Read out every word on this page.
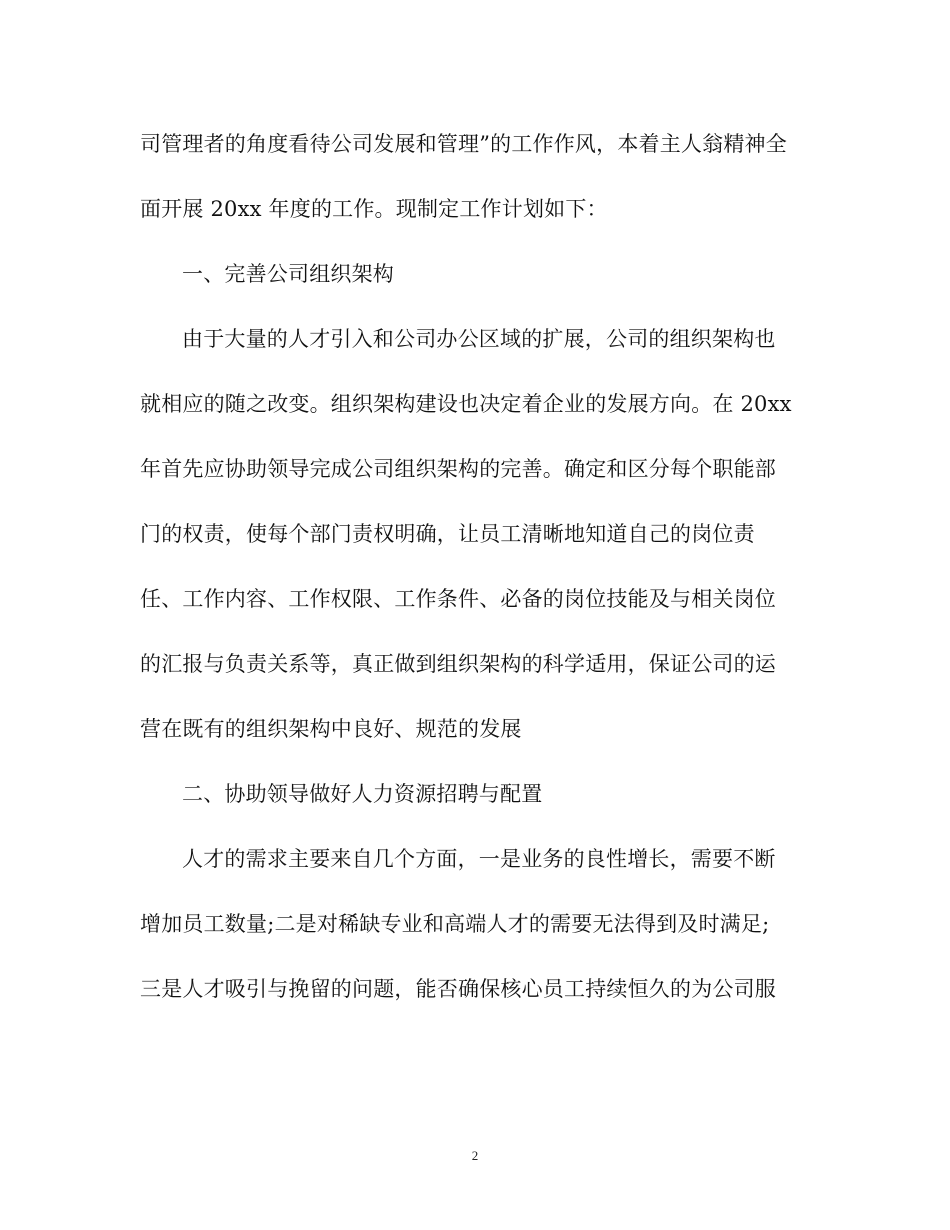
司管理者的角度看待公司发展和管理”的工作作风，本着主人翁精神全
面开展 20xx 年度的工作。现制定工作计划如下：
一、完善公司组织架构
由于大量的人才引入和公司办公区域的扩展，公司的组织架构也
就相应的随之改变。组织架构建设也决定着企业的发展方向。在 20xx
年首先应协助领导完成公司组织架构的完善。确定和区分每个职能部
门的权责，使每个部门责权明确，让员工清晰地知道自己的岗位责
任、工作内容、工作权限、工作条件、必备的岗位技能及与相关岗位
的汇报与负责关系等，真正做到组织架构的科学适用，保证公司的运
营在既有的组织架构中良好、规范的发展
二、协助领导做好人力资源招聘与配置
人才的需求主要来自几个方面，一是业务的良性增长，需要不断
增加员工数量;二是对稀缺专业和高端人才的需要无法得到及时满足;
三是人才吸引与挽留的问题，能否确保核心员工持续恒久的为公司服
2
